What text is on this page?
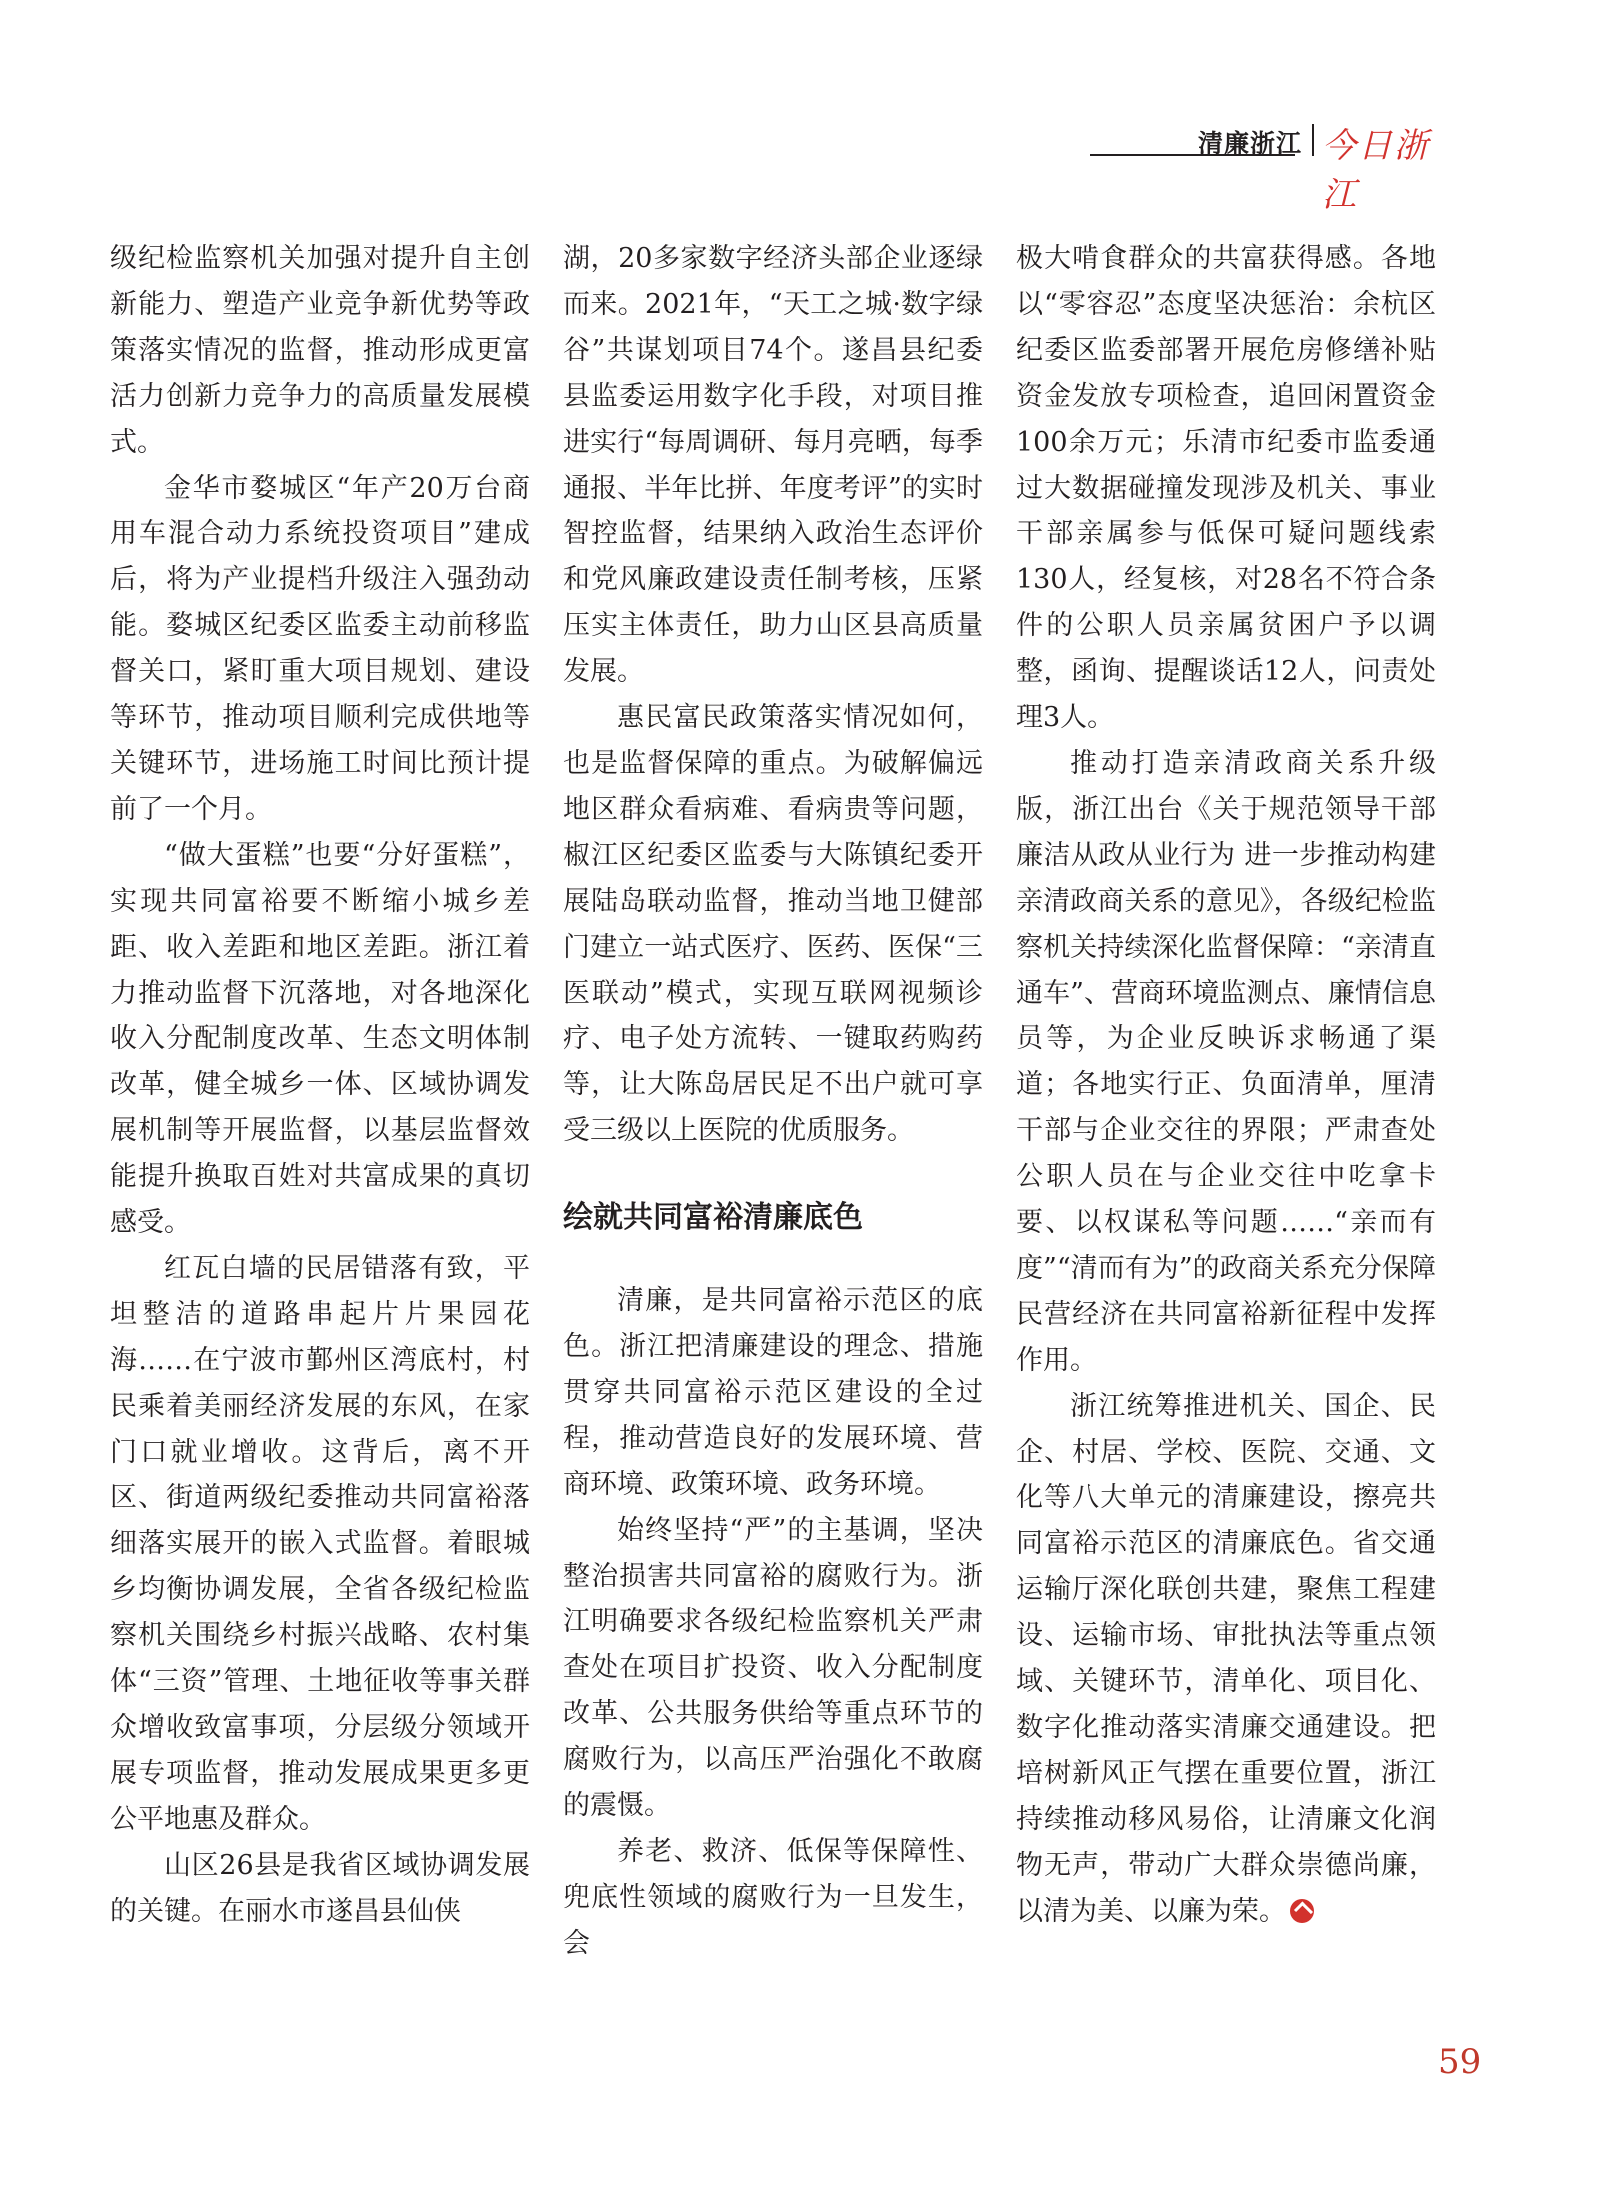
清廉浙江 今日浙江

级纪检监察机关加强对提升自主创新能力、塑造产业竞争新优势等政策落实情况的监督，推动形成更富活力创新力竞争力的高质量发展模式。

金华市婺城区“年产20万台商用车混合动力系统投资项目”建成后，将为产业提档升级注入强劲动能。婺城区纪委区监委主动前移监督关口，紧盯重大项目规划、建设等环节，推动项目顺利完成供地等关键环节，进场施工时间比预计提前了一个月。

“做大蛋糕”也要“分好蛋糕”，实现共同富裕要不断缩小城乡差距、收入差距和地区差距。浙江着力推动监督下沉落地，对各地深化收入分配制度改革、生态文明体制改革，健全城乡一体、区域协调发展机制等开展监督，以基层监督效能提升换取百姓对共富成果的真切感受。

红瓦白墙的民居错落有致，平坦整洁的道路串起片片果园花海……在宁波市鄞州区湾底村，村民乘着美丽经济发展的东风，在家门口就业增收。这背后，离不开区、街道两级纪委推动共同富裕落细落实展开的嵌入式监督。着眼城乡均衡协调发展，全省各级纪检监察机关围绕乡村振兴战略、农村集体“三资”管理、土地征收等事关群众增收致富事项，分层级分领域开展专项监督，推动发展成果更多更公平地惠及群众。

山区26县是我省区域协调发展的关键。在丽水市遂昌县仙侠

湖，20多家数字经济头部企业逐绿而来。2021年，“天工之城·数字绿谷”共谋划项目74个。遂昌县纪委县监委运用数字化手段，对项目推进实行“每周调研、每月亮晒，每季通报、半年比拼、年度考评”的实时智控监督，结果纳入政治生态评价和党风廉政建设责任制考核，压紧压实主体责任，助力山区县高质量发展。

惠民富民政策落实情况如何，也是监督保障的重点。为破解偏远地区群众看病难、看病贵等问题，椒江区纪委区监委与大陈镇纪委开展陆岛联动监督，推动当地卫健部门建立一站式医疗、医药、医保“三医联动”模式，实现互联网视频诊疗、电子处方流转、一键取药购药等，让大陈岛居民足不出户就可享受三级以上医院的优质服务。

绘就共同富裕清廉底色

清廉，是共同富裕示范区的底色。浙江把清廉建设的理念、措施贯穿共同富裕示范区建设的全过程，推动营造良好的发展环境、营商环境、政策环境、政务环境。

始终坚持“严”的主基调，坚决整治损害共同富裕的腐败行为。浙江明确要求各级纪检监察机关严肃查处在项目扩投资、收入分配制度改革、公共服务供给等重点环节的腐败行为，以高压严治强化不敢腐的震慑。

养老、救济、低保等保障性、兜底性领域的腐败行为一旦发生，会

极大啃食群众的共富获得感。各地以“零容忍”态度坚决惩治：余杭区纪委区监委部署开展危房修缮补贴资金发放专项检查，追回闲置资金100余万元；乐清市纪委市监委通过大数据碰撞发现涉及机关、事业干部亲属参与低保可疑问题线索130人，经复核，对28名不符合条件的公职人员亲属贫困户予以调整，函询、提醒谈话12人，问责处理3人。

推动打造亲清政商关系升级版，浙江出台《关于规范领导干部廉洁从政从业行为 进一步推动构建亲清政商关系的意见》，各级纪检监察机关持续深化监督保障：“亲清直通车”、营商环境监测点、廉情信息员等，为企业反映诉求畅通了渠道；各地实行正、负面清单，厘清干部与企业交往的界限；严肃查处公职人员在与企业交往中吃拿卡要、以权谋私等问题……“亲而有度”“清而有为”的政商关系充分保障民营经济在共同富裕新征程中发挥作用。

浙江统筹推进机关、国企、民企、村居、学校、医院、交通、文化等八大单元的清廉建设，擦亮共同富裕示范区的清廉底色。省交通运输厅深化联创共建，聚焦工程建设、运输市场、审批执法等重点领域、关键环节，清单化、项目化、数字化推动落实清廉交通建设。把培树新风正气摆在重要位置，浙江持续推动移风易俗，让清廉文化润物无声，带动广大群众崇德尚廉，以清为美、以廉为荣。

59
